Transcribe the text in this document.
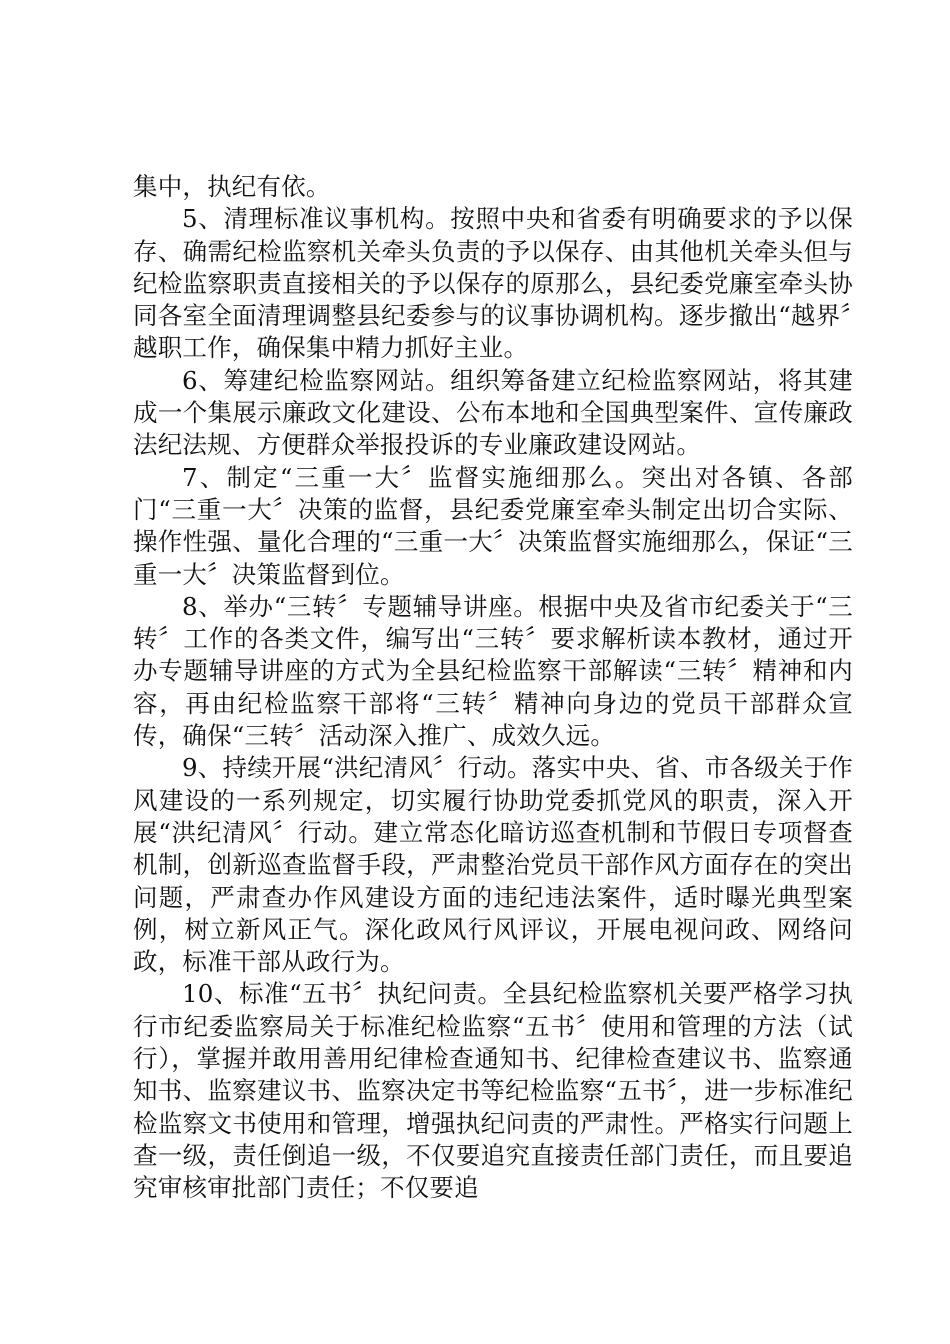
集中，执纪有依。

5、清理标准议事机构。按照中央和省委有明确要求的予以保存、确需纪检监察机关牵头负责的予以保存、由其他机关牵头但与纪检监察职责直接相关的予以保存的原那么，县纪委党廉室牵头协同各室全面清理调整县纪委参与的议事协调机构。逐步撤出“越界〞越职工作，确保集中精力抓好主业。

6、筹建纪检监察网站。组织筹备建立纪检监察网站，将其建成一个集展示廉政文化建设、公布本地和全国典型案件、宣传廉政法纪法规、方便群众举报投诉的专业廉政建设网站。

7、制定“三重一大〞监督实施细那么。突出对各镇、各部门“三重一大〞决策的监督，县纪委党廉室牵头制定出切合实际、操作性强、量化合理的“三重一大〞决策监督实施细那么，保证“三重一大〞决策监督到位。

8、举办“三转〞专题辅导讲座。根据中央及省市纪委关于“三转〞工作的各类文件，编写出“三转〞要求解析读本教材，通过开办专题辅导讲座的方式为全县纪检监察干部解读“三转〞精神和内容，再由纪检监察干部将“三转〞精神向身边的党员干部群众宣传，确保“三转〞活动深入推广、成效久远。

9、持续开展“洪纪清风〞行动。落实中央、省、市各级关于作风建设的一系列规定，切实履行协助党委抓党风的职责，深入开展“洪纪清风〞行动。建立常态化暗访巡查机制和节假日专项督查机制，创新巡查监督手段，严肃整治党员干部作风方面存在的突出问题，严肃查办作风建设方面的违纪违法案件，适时曝光典型案例，树立新风正气。深化政风行风评议，开展电视问政、网络问政，标准干部从政行为。

10、标准“五书〞执纪问责。全县纪检监察机关要严格学习执行市纪委监察局关于标准纪检监察“五书〞使用和管理的方法（试行），掌握并敢用善用纪律检查通知书、纪律检查建议书、监察通知书、监察建议书、监察决定书等纪检监察“五书〞，进一步标准纪检监察文书使用和管理，增强执纪问责的严肃性。严格实行问题上查一级，责任倒追一级，不仅要追究直接责任部门责任，而且要追究审核审批部门责任；不仅要追
